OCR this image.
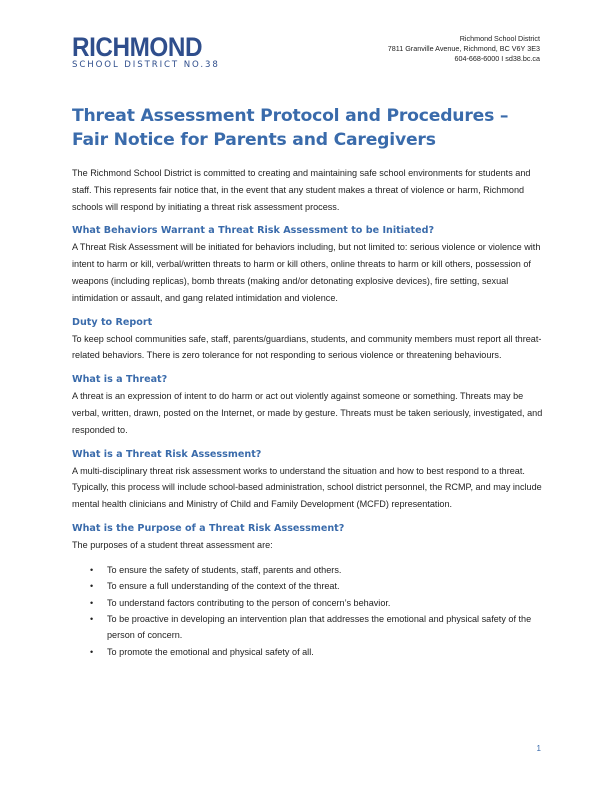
RICHMOND
SCHOOL DISTRICT NO.38
Richmond School District
7811 Granville Avenue, Richmond, BC V6Y 3E3
604-668-6000 I sd38.bc.ca
Threat Assessment Protocol and Procedures –
Fair Notice for Parents and Caregivers

The Richmond School District is committed to creating and maintaining safe school environments for students and staff. This represents fair notice that, in the event that any student makes a threat of violence or harm, Richmond schools will respond by initiating a threat risk assessment process.

What Behaviors Warrant a Threat Risk Assessment to be Initiated?

A Threat Risk Assessment will be initiated for behaviors including, but not limited to: serious violence or violence with intent to harm or kill, verbal/written threats to harm or kill others, online threats to harm or kill others, possession of weapons (including replicas), bomb threats (making and/or detonating explosive devices), fire setting, sexual intimidation or assault, and gang related intimidation and violence.

Duty to Report

To keep school communities safe, staff, parents/guardians, students, and community members must report all threat-related behaviors. There is zero tolerance for not responding to serious violence or threatening behaviours.

What is a Threat?

A threat is an expression of intent to do harm or act out violently against someone or something. Threats may be verbal, written, drawn, posted on the Internet, or made by gesture. Threats must be taken seriously, investigated, and responded to.

What is a Threat Risk Assessment?

A multi-disciplinary threat risk assessment works to understand the situation and how to best respond to a threat. Typically, this process will include school-based administration, school district personnel, the RCMP, and may include mental health clinicians and Ministry of Child and Family Development (MCFD) representation.

What is the Purpose of a Threat Risk Assessment?

The purposes of a student threat assessment are:

• To ensure the safety of students, staff, parents and others.
• To ensure a full understanding of the context of the threat.
• To understand factors contributing to the person of concern’s behavior.
• To be proactive in developing an intervention plan that addresses the emotional and physical safety of the person of concern.
• To promote the emotional and physical safety of all.
1
